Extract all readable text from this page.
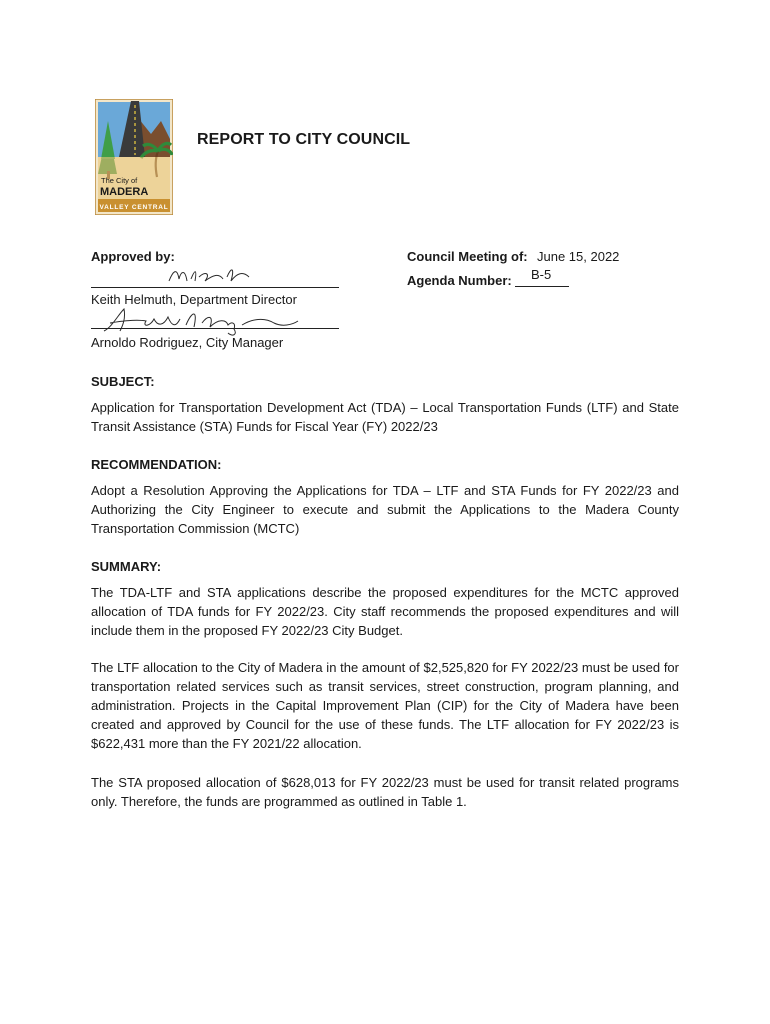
The City of
MADERA
VALLEY CENTRAL
REPORT TO CITY COUNCIL
Approved by:
Keith Helmuth, Department Director
Arnoldo Rodriguez, City Manager
Council Meeting of: June 15, 2022
Agenda Number: B-5
SUBJECT:
Application for Transportation Development Act (TDA) – Local Transportation Funds (LTF) and State Transit Assistance (STA) Funds for Fiscal Year (FY) 2022/23
RECOMMENDATION:
Adopt a Resolution Approving the Applications for TDA – LTF and STA Funds for FY 2022/23 and Authorizing the City Engineer to execute and submit the Applications to the Madera County Transportation Commission (MCTC)
SUMMARY:
The TDA-LTF and STA applications describe the proposed expenditures for the MCTC approved allocation of TDA funds for FY 2022/23. City staff recommends the proposed expenditures and will include them in the proposed FY 2022/23 City Budget.
The LTF allocation to the City of Madera in the amount of $2,525,820 for FY 2022/23 must be used for transportation related services such as transit services, street construction, program planning, and administration. Projects in the Capital Improvement Plan (CIP) for the City of Madera have been created and approved by Council for the use of these funds. The LTF allocation for FY 2022/23 is $622,431 more than the FY 2021/22 allocation.
The STA proposed allocation of $628,013 for FY 2022/23 must be used for transit related programs only. Therefore, the funds are programmed as outlined in Table 1.
